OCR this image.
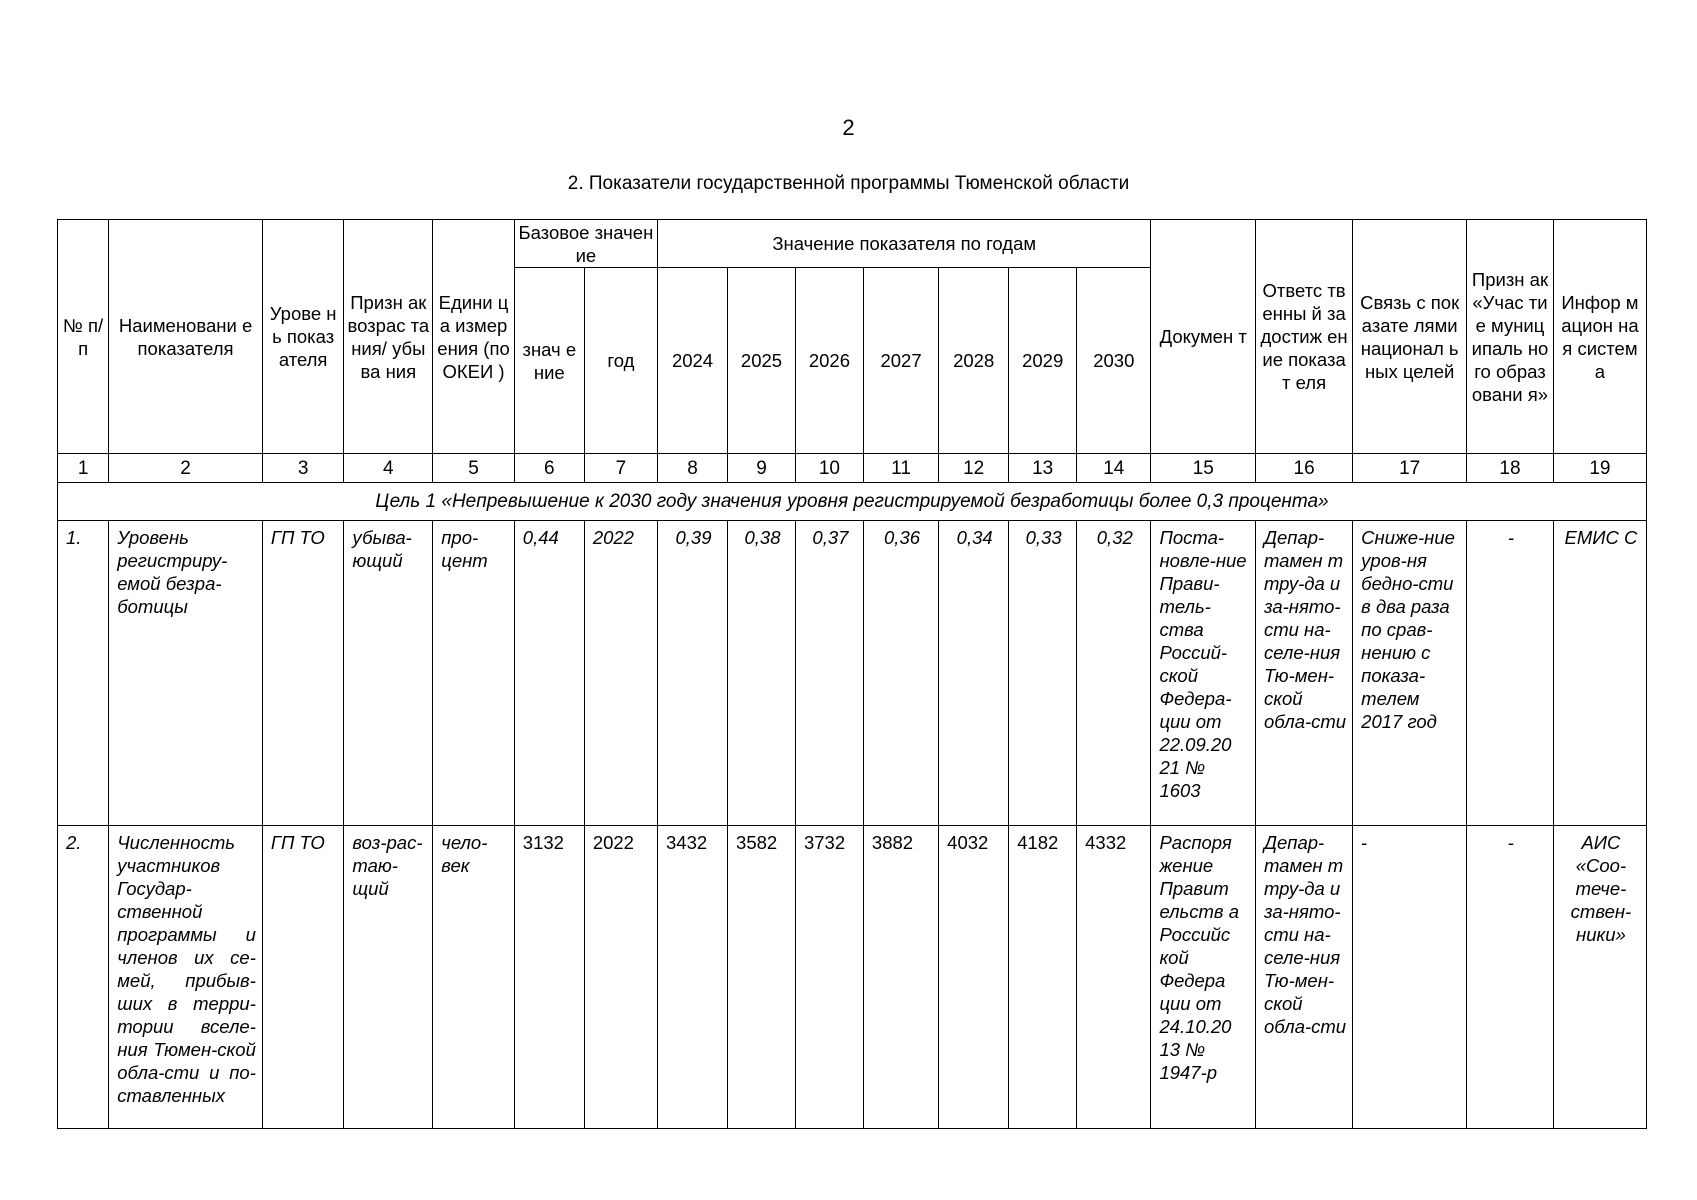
2
2. Показатели государственной программы Тюменской области
№ п/п	Наименовани е показателя	Урове нь показ ателя	Призн ак возрас тания/ убыва ния	Едини ца измер ения (по ОКЕИ )	Базовое значение		Значение показателя по годам							Докумен т	Ответс твенны й за достиж ение показат еля	Связь с показате лями национал ьных целей	Призн ак «Учас тие муниц ипаль ного образ овани я»	Инфор мацион ная систем а
					знач ение	год	2024	2025	2026	2027	2028	2029	2030					
1	2	3	4	5	6	7	8	9	10	11	12	13	14	15	16	17	18	19
Цель 1 «Непревышение к 2030 году значения уровня регистрируемой безработицы более 0,3 процента»																		
1.	Уровень регистриру-емой безра-ботицы	ГП ТО	убыва-ющий	про-цент	0,44	2022	0,39	0,38	0,37	0,36	0,34	0,33	0,32	Поста-новле-ние Прави-тель-ства Россий-ской Федера-ции от 22.09.20 21 № 1603	Депар-тамен т тру-да и за-нято-сти на-селе-ния Тю-мен-ской обла-сти	Сниже-ние уров-ня бедно-сти в два раза по срав-нению с показа-телем 2017 год	-	ЕМИС С
2.	Численность участников Государ-ственной программы и членов их се-мей, прибыв-ших в терри-тории вселе-ния Тюмен-ской обла-сти и по-ставленных	ГП ТО	воз-рас-таю-щий	чело-век	3132	2022	3432	3582	3732	3882	4032	4182	4332	Распоря жение Правит ельств а Российс кой Федера ции от 24.10.20 13 № 1947-р	Депар-тамен т тру-да и за-нято-сти на-селе-ния Тю-мен-ской обла-сти	-	-	АИС «Соо-тече-ствен-ники»
